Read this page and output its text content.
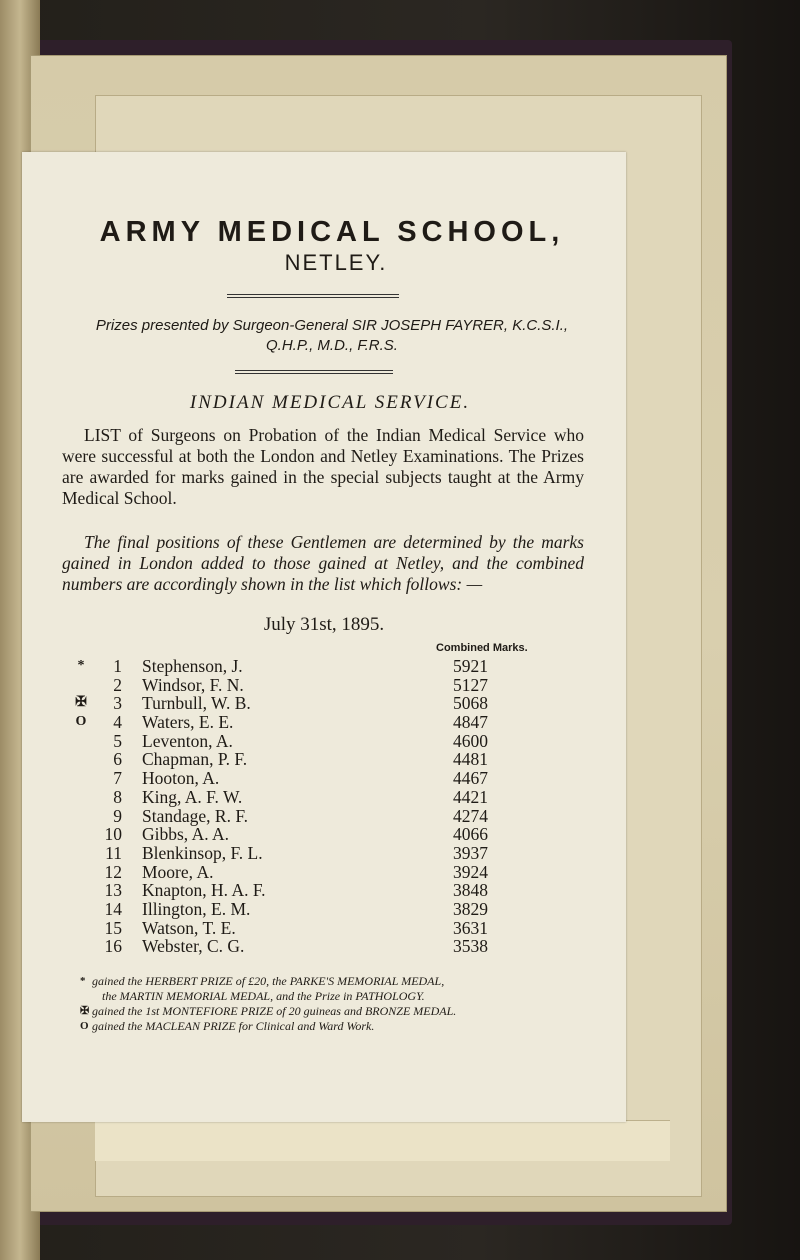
ARMY MEDICAL SCHOOL,
NETLEY.
Prizes presented by Surgeon-General SIR JOSEPH FAYRER, K.C.S.I.,
Q.H.P., M.D., F.R.S.
INDIAN MEDICAL SERVICE.
LIST of Surgeons on Probation of the Indian Medical Service who were successful at both the London and Netley Examinations. The Prizes are awarded for marks gained in the special subjects taught at the Army Medical School.
The final positions of these Gentlemen are determined by the marks gained in London added to those gained at Netley, and the combined numbers are accordingly shown in the list which follows: —
July 31st, 1895.
Combined Marks.
*	1 Stephenson, J.	5921
2 Windsor, F. N.	5127
✠	3 Turnbull, W. B.	5068
O	4 Waters, E. E.	4847
5 Leventon, A.	4600
6 Chapman, P. F.	4481
7 Hooton, A.	4467
8 King, A. F. W.	4421
9 Standage, R. F.	4274
10 Gibbs, A. A.	4066
11 Blenkinsop, F. L.	3937
12 Moore, A.	3924
13 Knapton, H. A. F.	3848
14 Illington, E. M.	3829
15 Watson, T. E.	3631
16 Webster, C. G.	3538
* gained the HERBERT PRIZE of £20, the PARKE'S MEMORIAL MEDAL,
the MARTIN MEMORIAL MEDAL, and the Prize in PATHOLOGY.
✠ gained the 1st MONTEFIORE PRIZE of 20 guineas and BRONZE MEDAL.
O gained the MACLEAN PRIZE for Clinical and Ward Work.
